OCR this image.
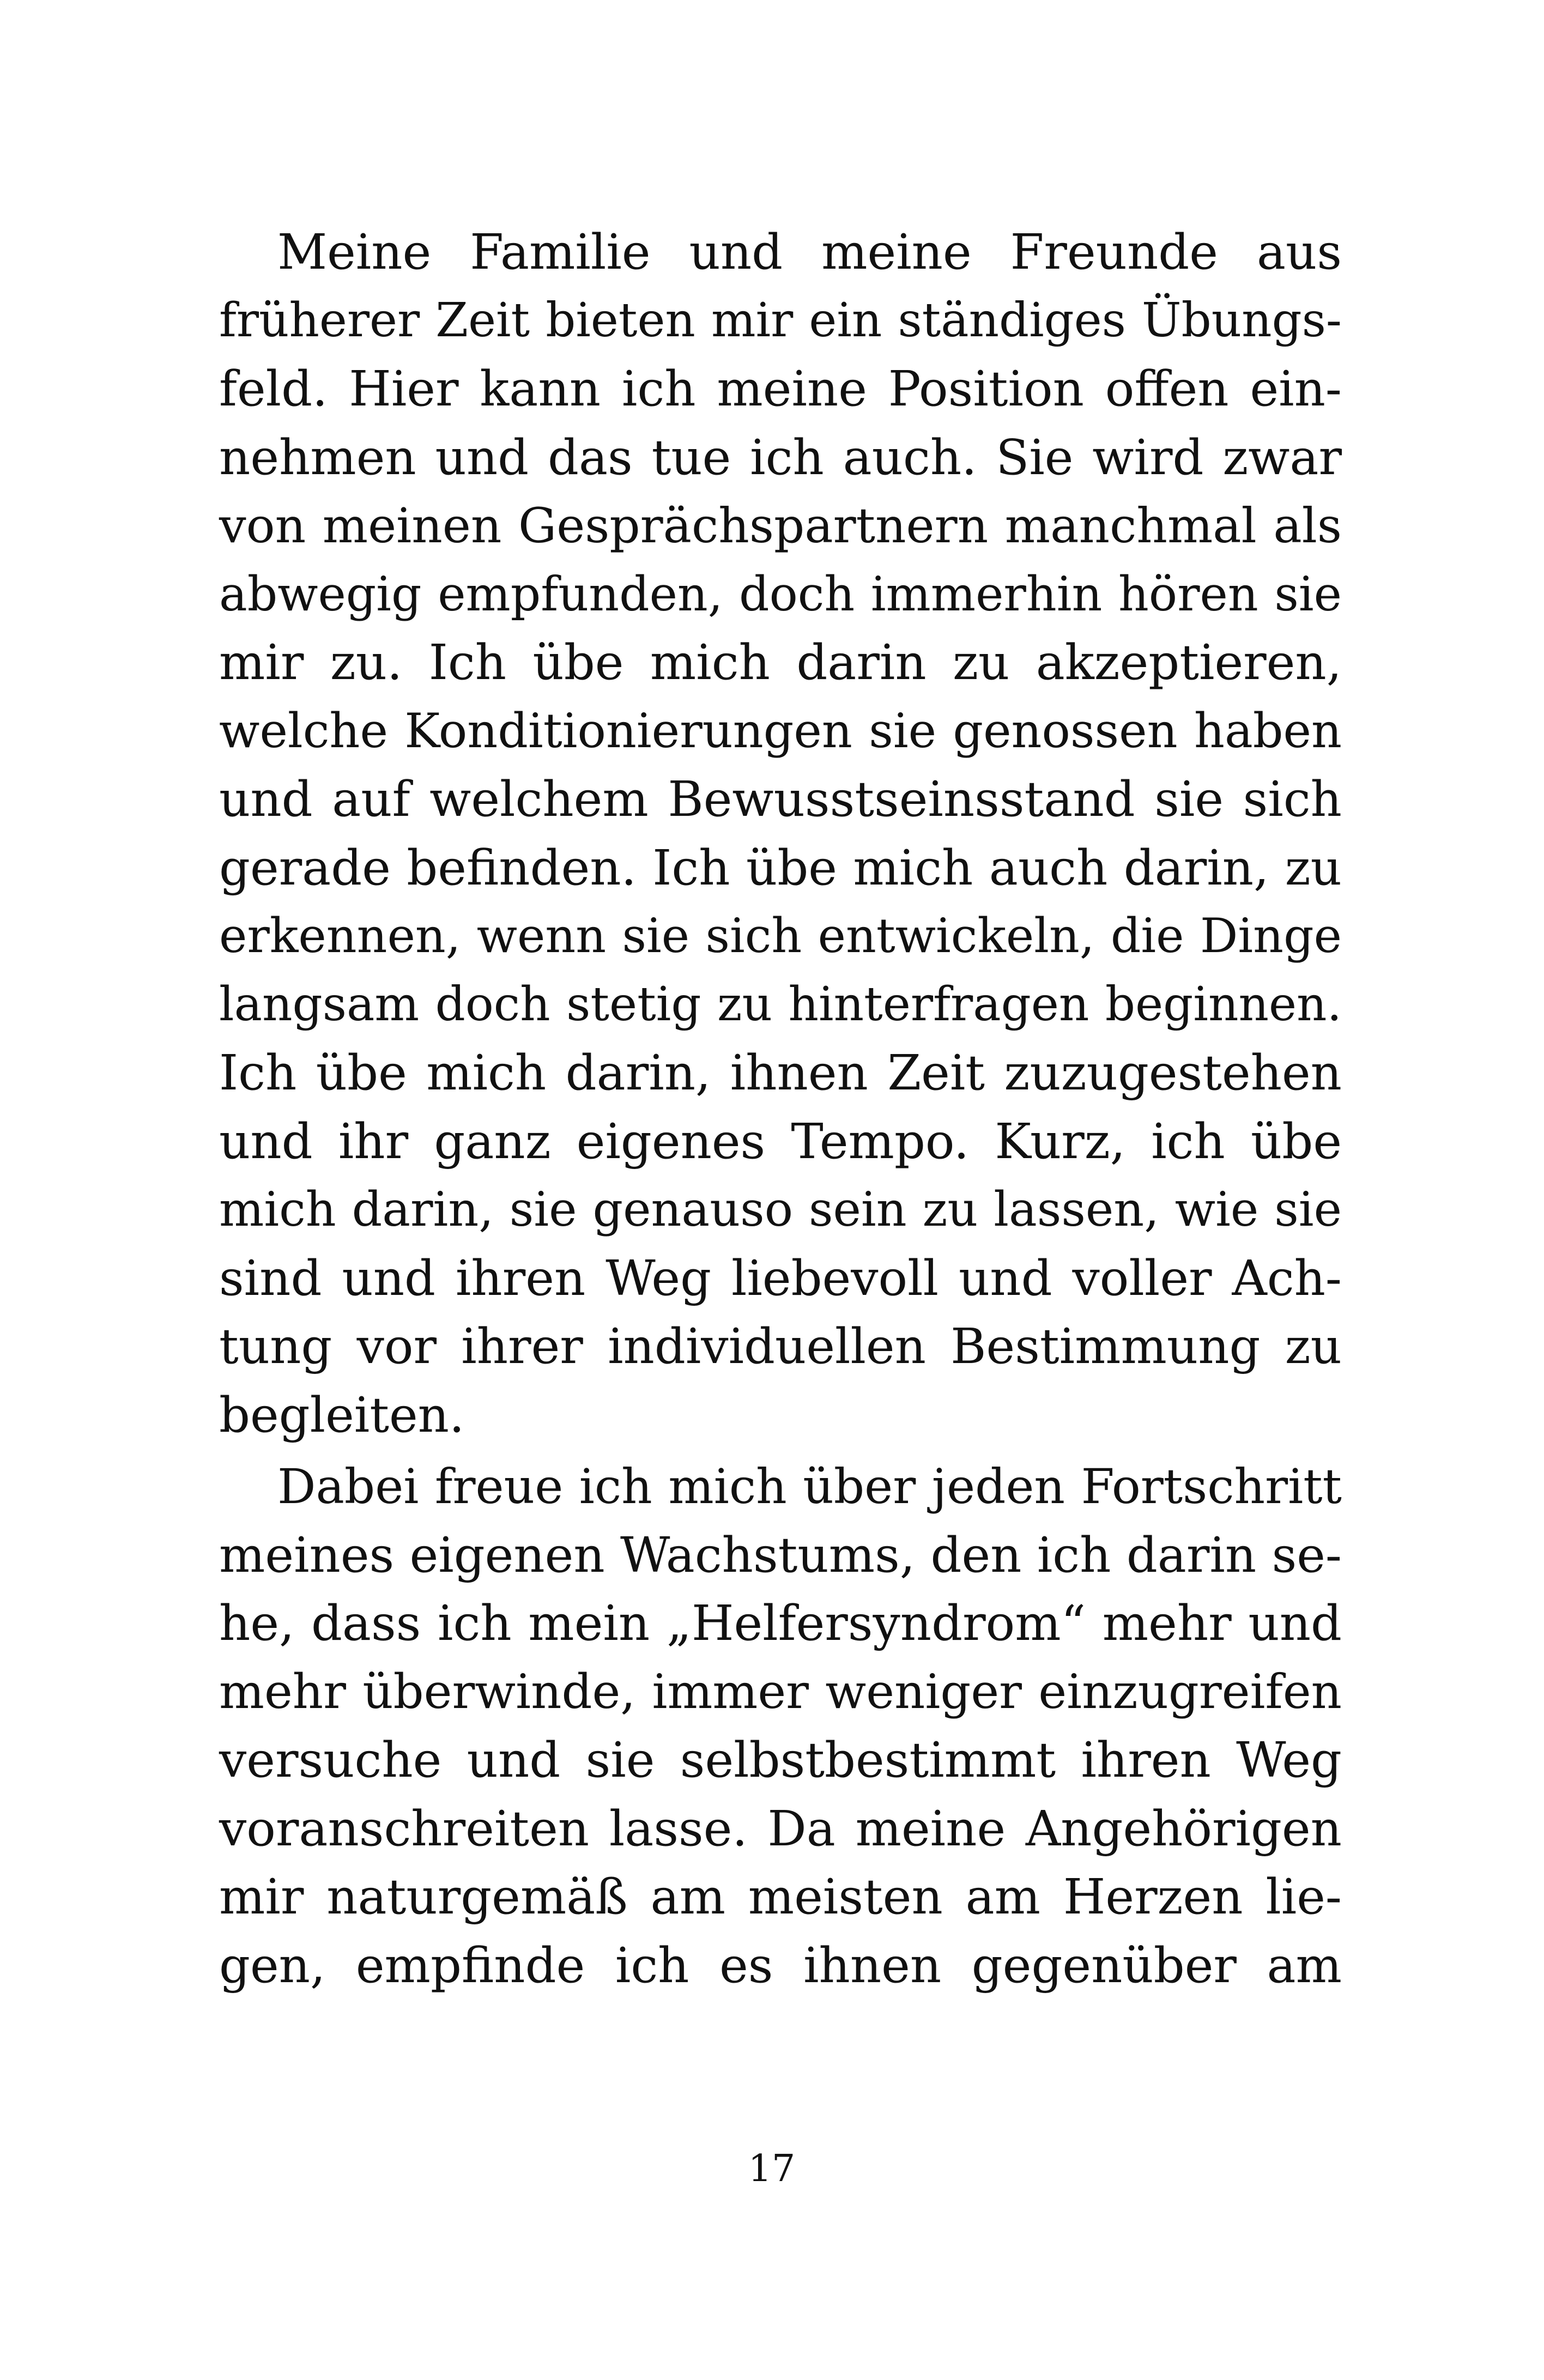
Meine Familie und meine Freunde aus
früherer Zeit bieten mir ein ständiges Übungs-
feld. Hier kann ich meine Position offen ein-
nehmen und das tue ich auch. Sie wird zwar
von meinen Gesprächspartnern manchmal als
abwegig empfunden, doch immerhin hören sie
mir zu. Ich übe mich darin zu akzeptieren,
welche Konditionierungen sie genossen haben
und auf welchem Bewusstseinsstand sie sich
gerade befinden. Ich übe mich auch darin, zu
erkennen, wenn sie sich entwickeln, die Dinge
langsam doch stetig zu hinterfragen beginnen.
Ich übe mich darin, ihnen Zeit zuzugestehen
und ihr ganz eigenes Tempo. Kurz, ich übe
mich darin, sie genauso sein zu lassen, wie sie
sind und ihren Weg liebevoll und voller Ach-
tung vor ihrer individuellen Bestimmung zu
begleiten.
Dabei freue ich mich über jeden Fortschritt
meines eigenen Wachstums, den ich darin se-
he, dass ich mein „Helfersyndrom“ mehr und
mehr überwinde, immer weniger einzugreifen
versuche und sie selbstbestimmt ihren Weg
voranschreiten lasse. Da meine Angehörigen
mir naturgemäß am meisten am Herzen lie-
gen, empfinde ich es ihnen gegenüber am
17
